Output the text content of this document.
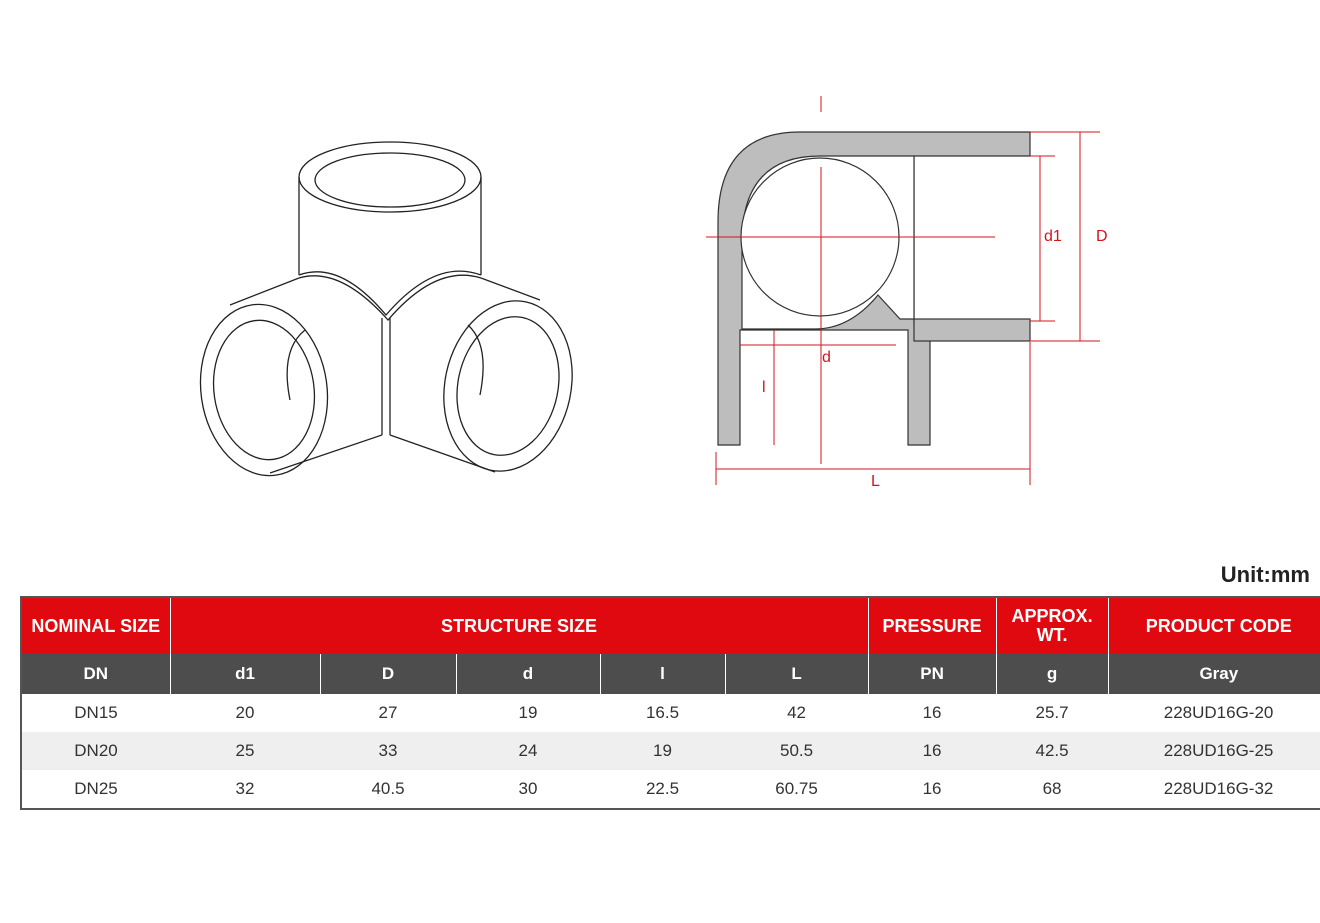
d1 D
d
l
L
Unit:mm
NOMINAL SIZE	STRUCTURE SIZE					PRESSURE	APPROX. WT.	PRODUCT CODE
DN	d1	D	d	l	L	PN	g	Gray
DN15	20	27	19	16.5	42	16	25.7	228UD16G-20
DN20	25	33	24	19	50.5	16	42.5	228UD16G-25
DN25	32	40.5	30	22.5	60.75	16	68	228UD16G-32
